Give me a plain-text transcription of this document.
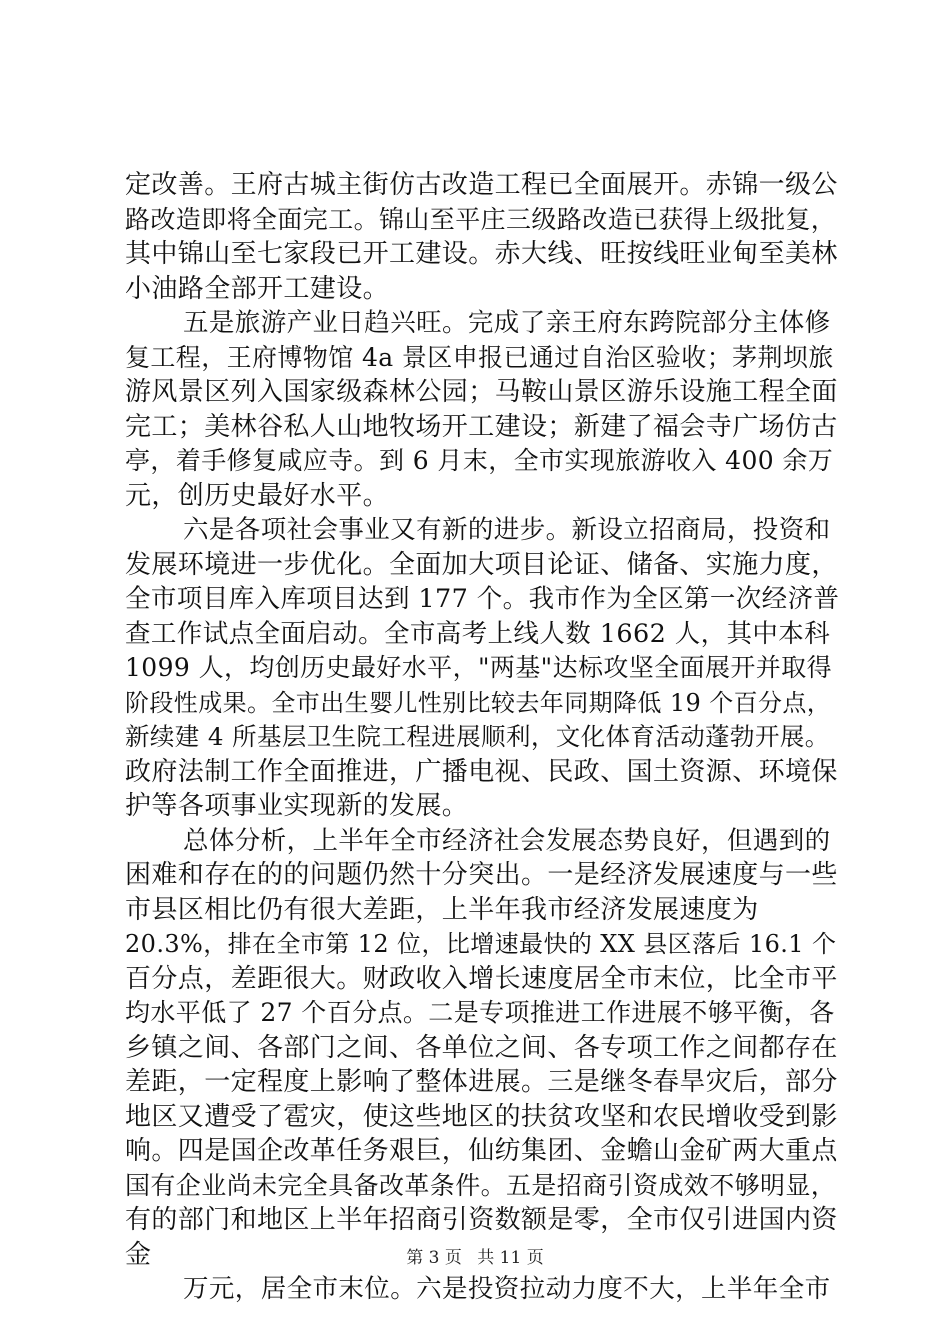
定改善。王府古城主街仿古改造工程已全面展开。赤锦一级公
路改造即将全面完工。锦山至平庄三级路改造已获得上级批复，
其中锦山至七家段已开工建设。赤大线、旺按线旺业甸至美林
小油路全部开工建设。
五是旅游产业日趋兴旺。完成了亲王府东跨院部分主体修
复工程，王府博物馆 4a 景区申报已通过自治区验收；茅荆坝旅
游风景区列入国家级森林公园；马鞍山景区游乐设施工程全面
完工；美林谷私人山地牧场开工建设；新建了福会寺广场仿古
亭，着手修复咸应寺。到 6 月末，全市实现旅游收入 400 余万
元，创历史最好水平。
六是各项社会事业又有新的进步。新设立招商局，投资和
发展环境进一步优化。全面加大项目论证、储备、实施力度，
全市项目库入库项目达到 177 个。我市作为全区第一次经济普
查工作试点全面启动。全市高考上线人数 1662 人，其中本科
1099 人，均创历史最好水平，"两基"达标攻坚全面展开并取得
阶段性成果。全市出生婴儿性别比较去年同期降低 19 个百分点，
新续建 4 所基层卫生院工程进展顺利，文化体育活动蓬勃开展。
政府法制工作全面推进，广播电视、民政、国土资源、环境保
护等各项事业实现新的发展。
总体分析，上半年全市经济社会发展态势良好，但遇到的
困难和存在的的问题仍然十分突出。一是经济发展速度与一些
市县区相比仍有很大差距，上半年我市经济发展速度为
20.3%，排在全市第 12 位，比增速最快的 XX 县区落后 16.1 个
百分点，差距很大。财政收入增长速度居全市末位，比全市平
均水平低了 27 个百分点。二是专项推进工作进展不够平衡，各
乡镇之间、各部门之间、各单位之间、各专项工作之间都存在
差距，一定程度上影响了整体进展。三是继冬春旱灾后，部分
地区又遭受了雹灾，使这些地区的扶贫攻坚和农民增收受到影
响。四是国企改革任务艰巨，仙纺集团、金蟾山金矿两大重点
国有企业尚未完全具备改革条件。五是招商引资成效不够明显，
有的部门和地区上半年招商引资数额是零，全市仅引进国内资
金
万元，居全市末位。六是投资拉动力度不大，上半年全市
第 3 页 共 11 页
